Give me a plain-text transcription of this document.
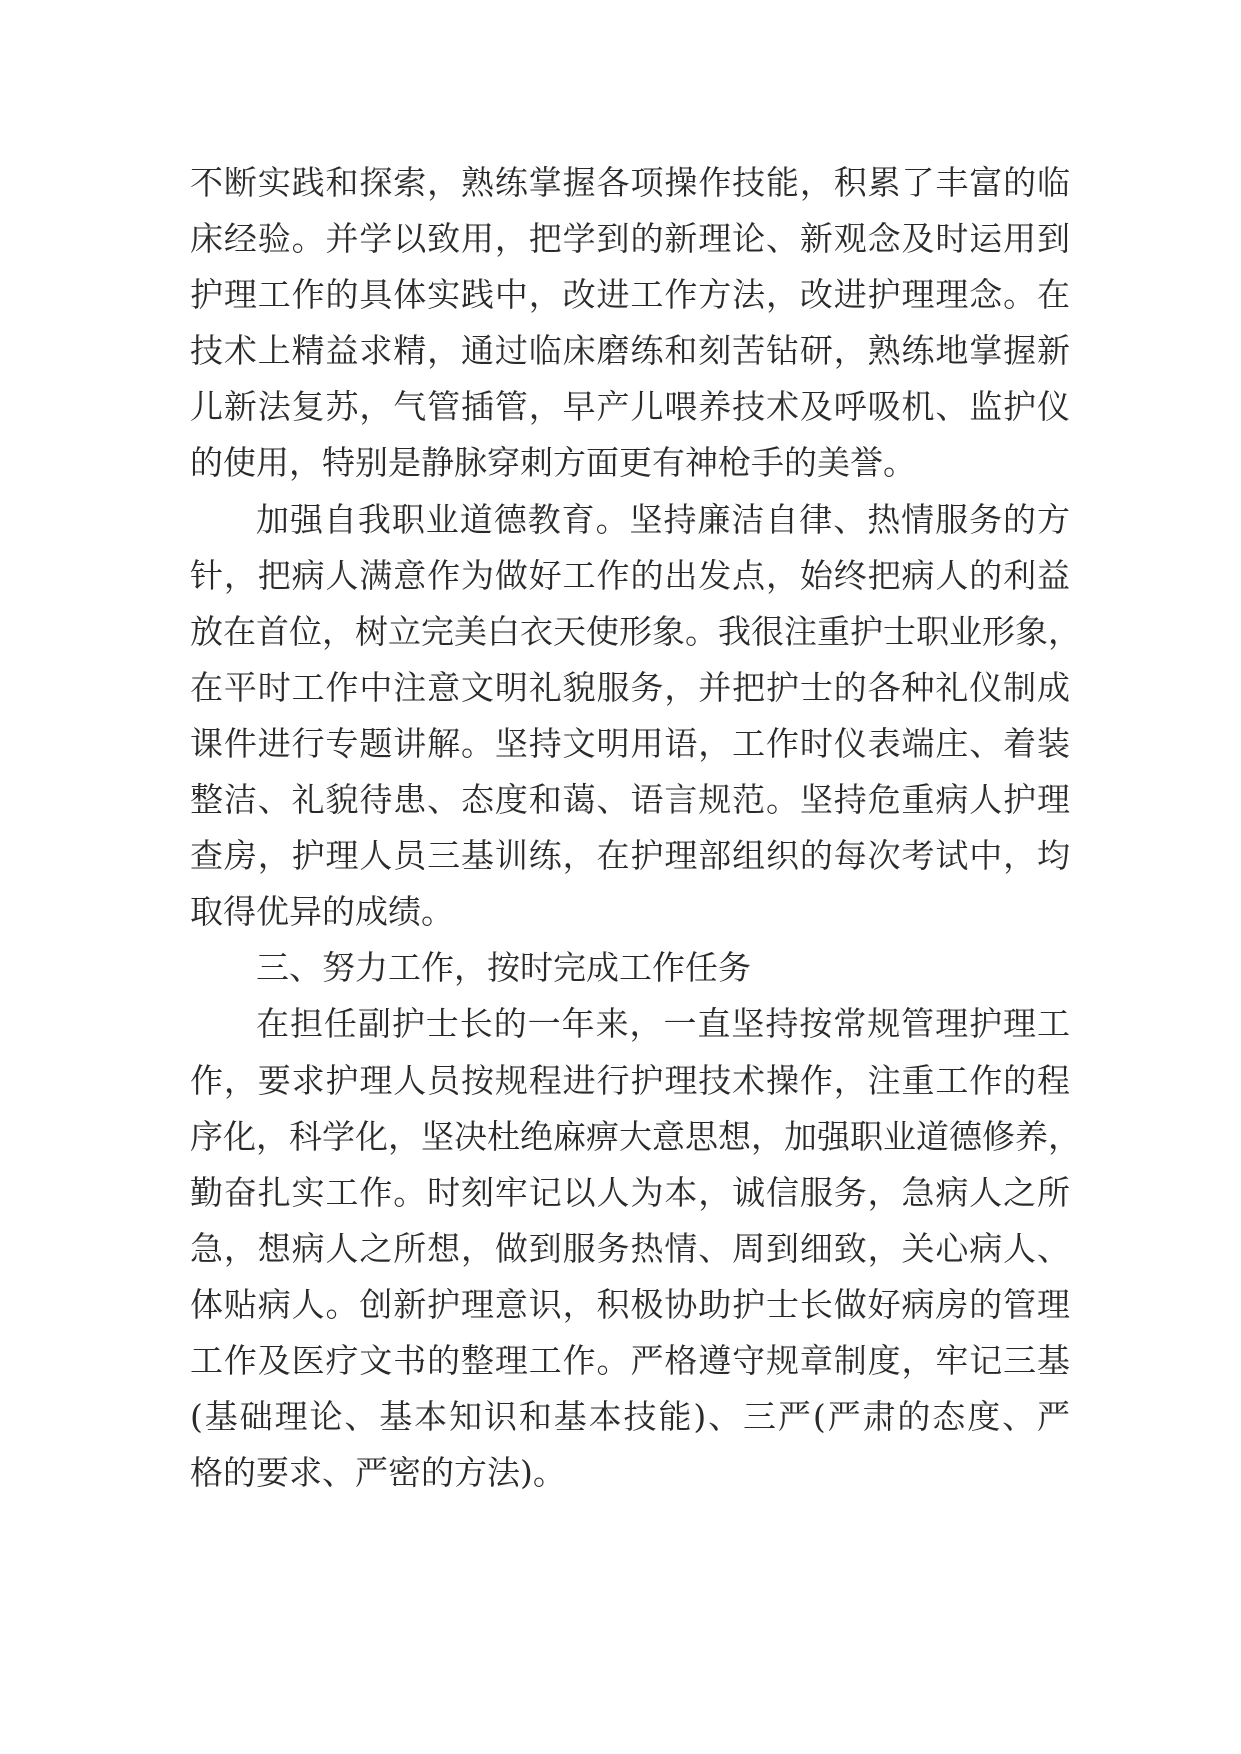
不断实践和探索，熟练掌握各项操作技能，积累了丰富的临
床经验。并学以致用，把学到的新理论、新观念及时运用到
护理工作的具体实践中，改进工作方法，改进护理理念。在
技术上精益求精，通过临床磨练和刻苦钻研，熟练地掌握新
儿新法复苏，气管插管，早产儿喂养技术及呼吸机、监护仪
的使用，特别是静脉穿刺方面更有神枪手的美誉。
加强自我职业道德教育。坚持廉洁自律、热情服务的方
针，把病人满意作为做好工作的出发点，始终把病人的利益
放在首位，树立完美白衣天使形象。我很注重护士职业形象，
在平时工作中注意文明礼貌服务，并把护士的各种礼仪制成
课件进行专题讲解。坚持文明用语，工作时仪表端庄、着装
整洁、礼貌待患、态度和蔼、语言规范。坚持危重病人护理
查房，护理人员三基训练，在护理部组织的每次考试中，均
取得优异的成绩。
三、努力工作，按时完成工作任务
在担任副护士长的一年来，一直坚持按常规管理护理工
作，要求护理人员按规程进行护理技术操作，注重工作的程
序化，科学化，坚决杜绝麻痹大意思想，加强职业道德修养，
勤奋扎实工作。时刻牢记以人为本，诚信服务，急病人之所
急，想病人之所想，做到服务热情、周到细致，关心病人、
体贴病人。创新护理意识，积极协助护士长做好病房的管理
工作及医疗文书的整理工作。严格遵守规章制度，牢记三基
(基础理论、基本知识和基本技能)、三严(严肃的态度、严
格的要求、严密的方法)。
